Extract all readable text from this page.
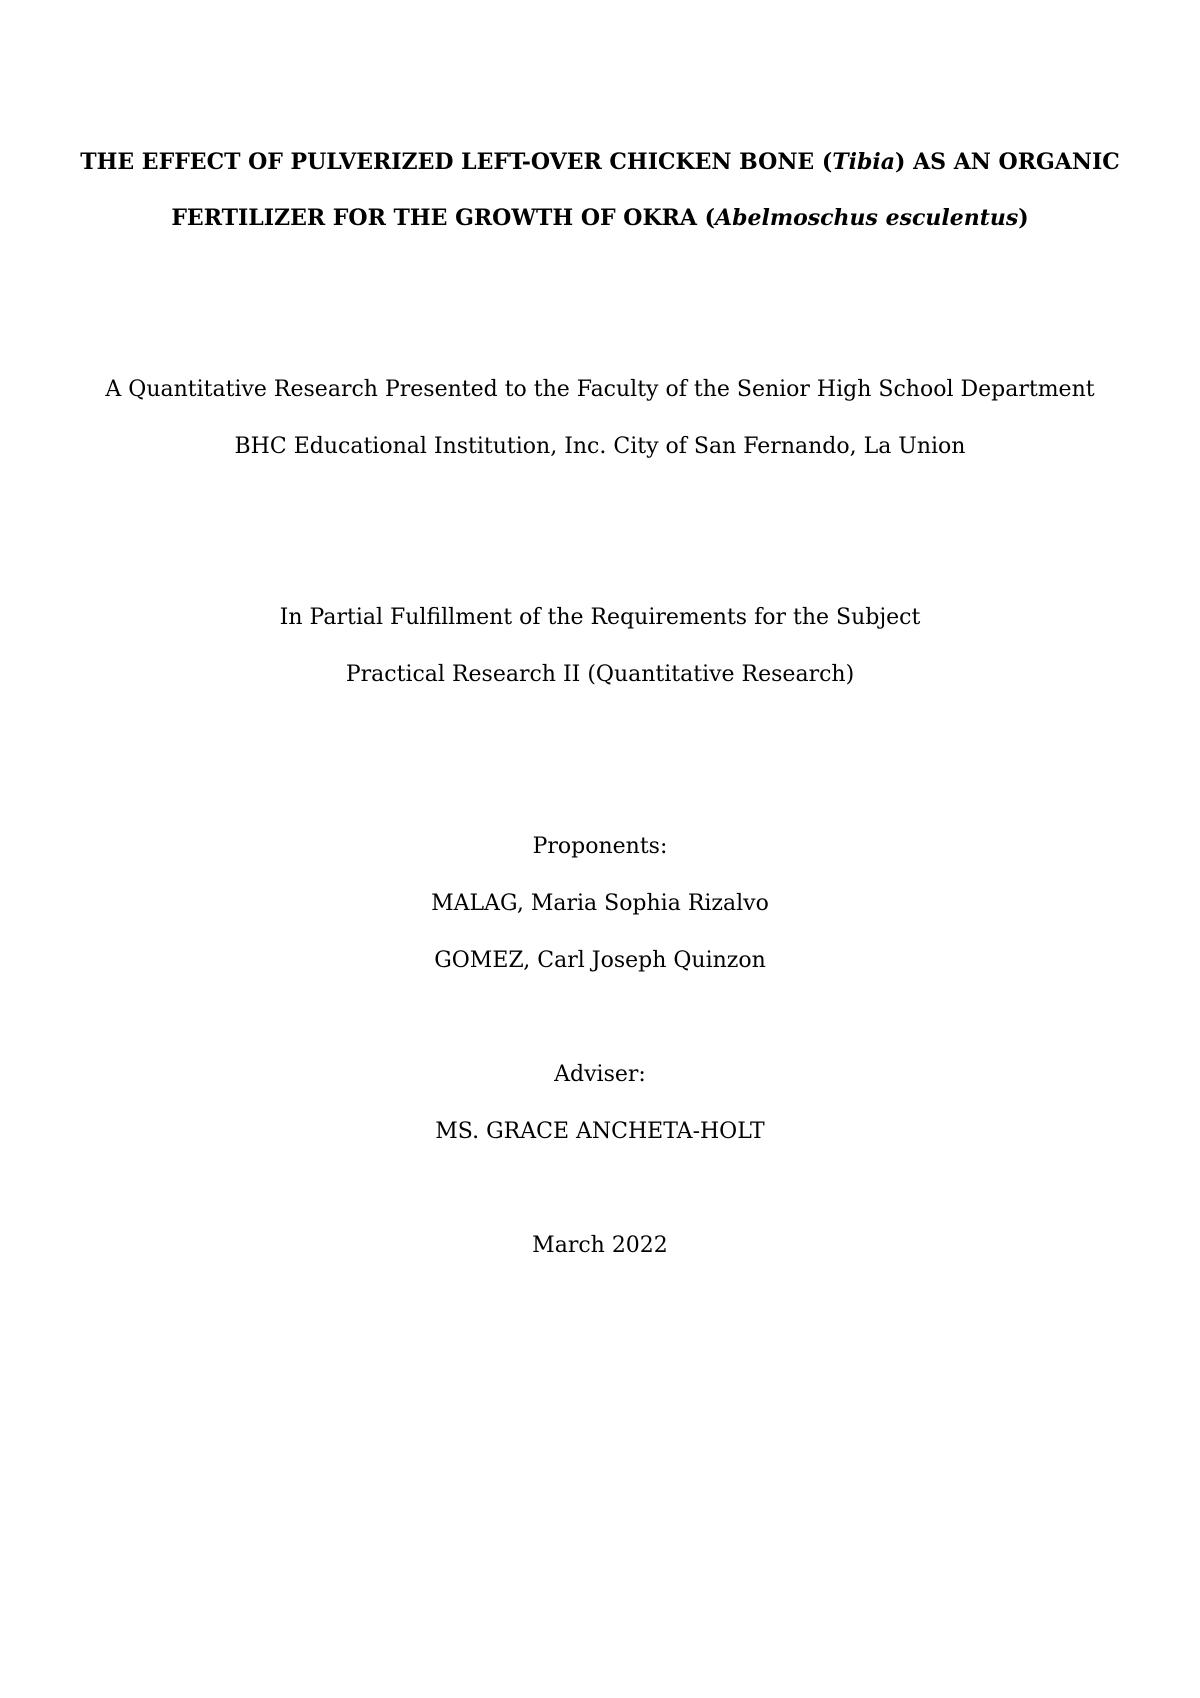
THE EFFECT OF PULVERIZED LEFT-OVER CHICKEN BONE (Tibia) AS AN ORGANIC
FERTILIZER FOR THE GROWTH OF OKRA (Abelmoschus esculentus)
A Quantitative Research Presented to the Faculty of the Senior High School Department
BHC Educational Institution, Inc. City of San Fernando, La Union
In Partial Fulfillment of the Requirements for the Subject
Practical Research II (Quantitative Research)
Proponents:
MALAG, Maria Sophia Rizalvo
GOMEZ, Carl Joseph Quinzon
Adviser:
MS. GRACE ANCHETA-HOLT
March 2022
